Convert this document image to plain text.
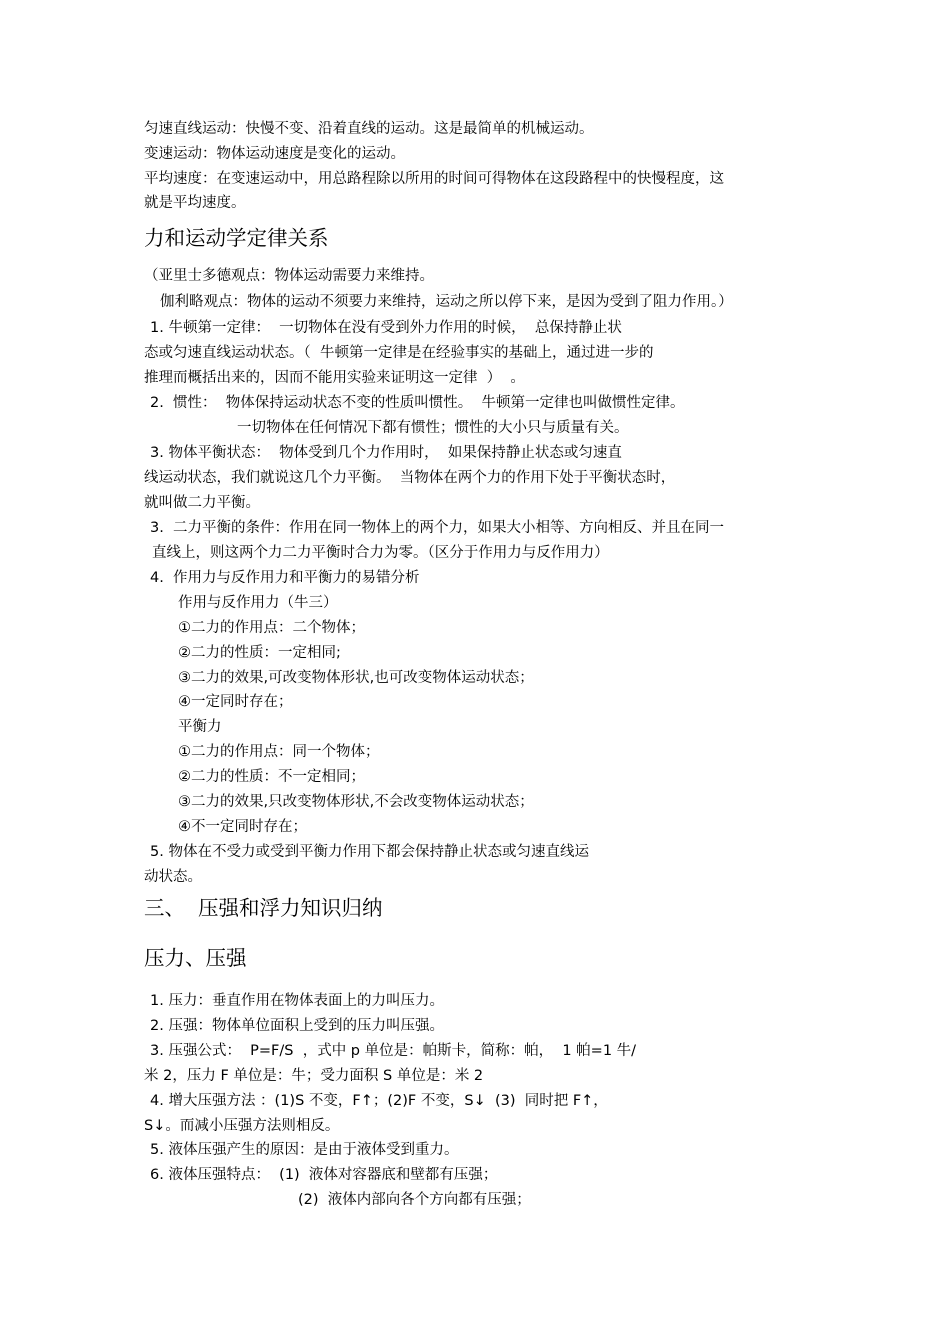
匀速直线运动：快慢不变、沿着直线的运动。这是最简单的机械运动。
变速运动：物体运动速度是变化的运动。
平均速度：在变速运动中，用总路程除以所用的时间可得物体在这段路程中的快慢程度，这
就是平均速度。
力和运动学定律关系
（亚里士多德观点：物体运动需要力来维持。
伽利略观点：物体的运动不须要力来维持，运动之所以停下来，是因为受到了阻力作用。）
1. 牛顿第一定律：  一切物体在没有受到外力作用的时候，  总保持静止状
态或匀速直线运动状态。（  牛顿第一定律是在经验事实的基础上，通过进一步的
推理而概括出来的，因而不能用实验来证明这一定律  ）  。
2.  惯性：  物体保持运动状态不变的性质叫惯性。  牛顿第一定律也叫做惯性定律。
一切物体在任何情况下都有惯性；惯性的大小只与质量有关。
3. 物体平衡状态：  物体受到几个力作用时，  如果保持静止状态或匀速直
线运动状态，我们就说这几个力平衡。  当物体在两个力的作用下处于平衡状态时，
就叫做二力平衡。
3.  二力平衡的条件：作用在同一物体上的两个力，如果大小相等、方向相反、并且在同一
直线上，则这两个力二力平衡时合力为零。（区分于作用力与反作用力）
4.  作用力与反作用力和平衡力的易错分析
作用与反作用力（牛三）
①二力的作用点：二个物体；
②二力的性质：一定相同;
③二力的效果,可改变物体形状,也可改变物体运动状态；
④一定同时存在；
平衡力
①二力的作用点：同一个物体；
②二力的性质：不一定相同；
③二力的效果,只改变物体形状,不会改变物体运动状态；
④不一定同时存在；
5. 物体在不受力或受到平衡力作用下都会保持静止状态或匀速直线运
动状态。
三、  压强和浮力知识归纳
压力、压强
1. 压力：垂直作用在物体表面上的力叫压力。
2. 压强：物体单位面积上受到的压力叫压强。
3. 压强公式：  P=F/S  ，式中 p 单位是：帕斯卡，简称：帕，  1 帕=1 牛/
米 2，压力 F 单位是：牛；受力面积 S 单位是：米 2
4. 增大压强方法 ：(1)S 不变，F↑；(2)F 不变，S↓  (3)  同时把 F↑，
S↓。而减小压强方法则相反。
5. 液体压强产生的原因：是由于液体受到重力。
6. 液体压强特点：  (1)  液体对容器底和壁都有压强；
(2)  液体内部向各个方向都有压强；
